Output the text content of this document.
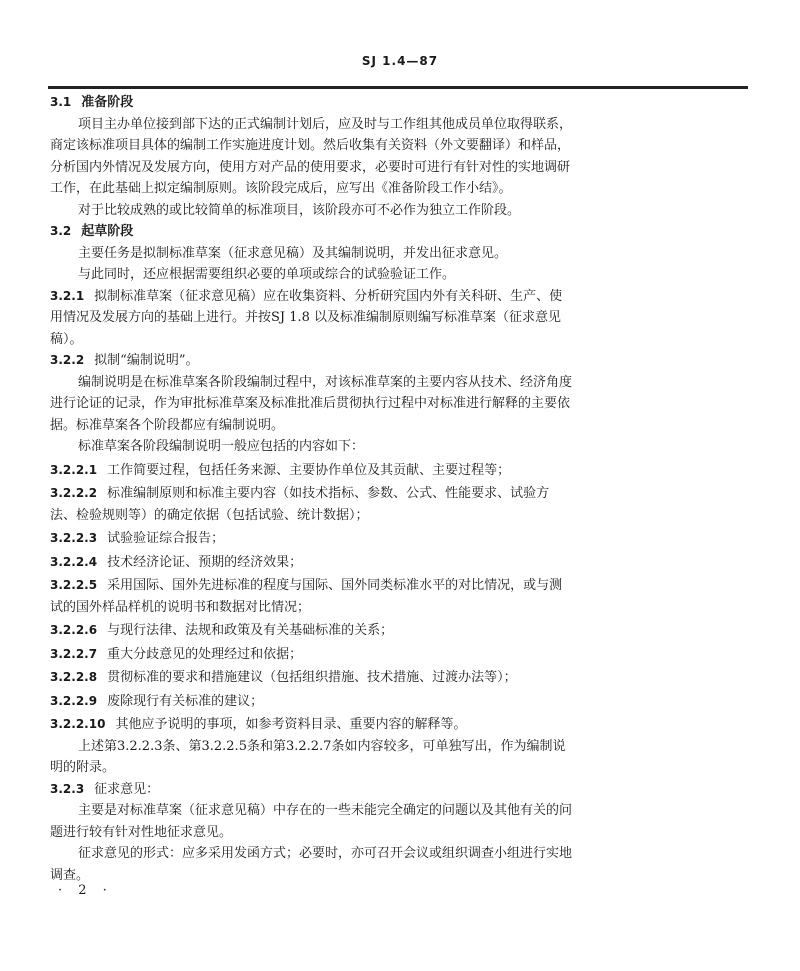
SJ 1.4—87
3.1 准备阶段
项目主办单位接到部下达的正式编制计划后，应及时与工作组其他成员单位取得联系，
商定该标准项目具体的编制工作实施进度计划。然后收集有关资料（外文要翻译）和样品，
分析国内外情况及发展方向，使用方对产品的使用要求，必要时可进行有针对性的实地调研
工作，在此基础上拟定编制原则。该阶段完成后，应写出《准备阶段工作小结》。
对于比较成熟的或比较简单的标准项目，该阶段亦可不必作为独立工作阶段。
3.2 起草阶段
主要任务是拟制标准草案（征求意见稿）及其编制说明，并发出征求意见。
与此同时，还应根据需要组织必要的单项或综合的试验验证工作。
3.2.1 拟制标准草案（征求意见稿）应在收集资料、分析研究国内外有关科研、生产、使
用情况及发展方向的基础上进行。并按SJ 1.8 以及标准编制原则编写标准草案（征求意见
稿）。
3.2.2 拟制“编制说明”。
编制说明是在标准草案各阶段编制过程中，对该标准草案的主要内容从技术、经济角度
进行论证的记录，作为审批标准草案及标准批准后贯彻执行过程中对标准进行解释的主要依
据。标准草案各个阶段都应有编制说明。
标准草案各阶段编制说明一般应包括的内容如下：
3.2.2.1 工作简要过程，包括任务来源、主要协作单位及其贡献、主要过程等；
3.2.2.2 标准编制原则和标准主要内容（如技术指标、参数、公式、性能要求、试验方
法、检验规则等）的确定依据（包括试验、统计数据）；
3.2.2.3 试验验证综合报告；
3.2.2.4 技术经济论证、预期的经济效果；
3.2.2.5 采用国际、国外先进标准的程度与国际、国外同类标准水平的对比情况，或与测
试的国外样品样机的说明书和数据对比情况；
3.2.2.6 与现行法律、法规和政策及有关基础标准的关系；
3.2.2.7 重大分歧意见的处理经过和依据；
3.2.2.8 贯彻标准的要求和措施建议（包括组织措施、技术措施、过渡办法等）；
3.2.2.9 废除现行有关标准的建议；
3.2.2.10 其他应予说明的事项，如参考资料目录、重要内容的解释等。
上述第3.2.2.3条、第3.2.2.5条和第3.2.2.7条如内容较多，可单独写出，作为编制说
明的附录。
3.2.3 征求意见：
主要是对标准草案（征求意见稿）中存在的一些未能完全确定的问题以及其他有关的问
题进行较有针对性地征求意见。
征求意见的形式：应多采用发函方式；必要时，亦可召开会议或组织调查小组进行实地
调查。
· 2 ·
